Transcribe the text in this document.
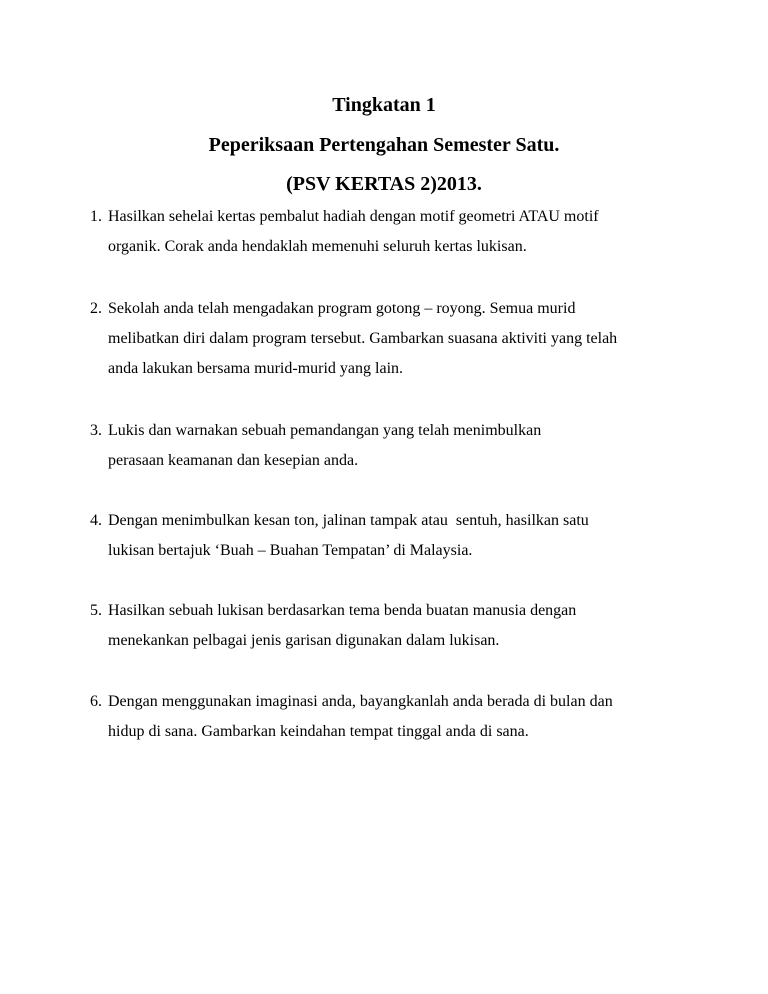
Tingkatan 1
Peperiksaan Pertengahan Semester Satu.
(PSV KERTAS 2)2013.
1. Hasilkan sehelai kertas pembalut hadiah dengan motif geometri ATAU motif
organik. Corak anda hendaklah memenuhi seluruh kertas lukisan.
2. Sekolah anda telah mengadakan program gotong – royong. Semua murid
melibatkan diri dalam program tersebut. Gambarkan suasana aktiviti yang telah
anda lakukan bersama murid-murid yang lain.
3. Lukis dan warnakan sebuah pemandangan yang telah menimbulkan
perasaan keamanan dan kesepian anda.
4. Dengan menimbulkan kesan ton, jalinan tampak atau  sentuh, hasilkan satu
lukisan bertajuk ‘Buah – Buahan Tempatan’ di Malaysia.
5. Hasilkan sebuah lukisan berdasarkan tema benda buatan manusia dengan
menekankan pelbagai jenis garisan digunakan dalam lukisan.
6. Dengan menggunakan imaginasi anda, bayangkanlah anda berada di bulan dan
hidup di sana. Gambarkan keindahan tempat tinggal anda di sana.
